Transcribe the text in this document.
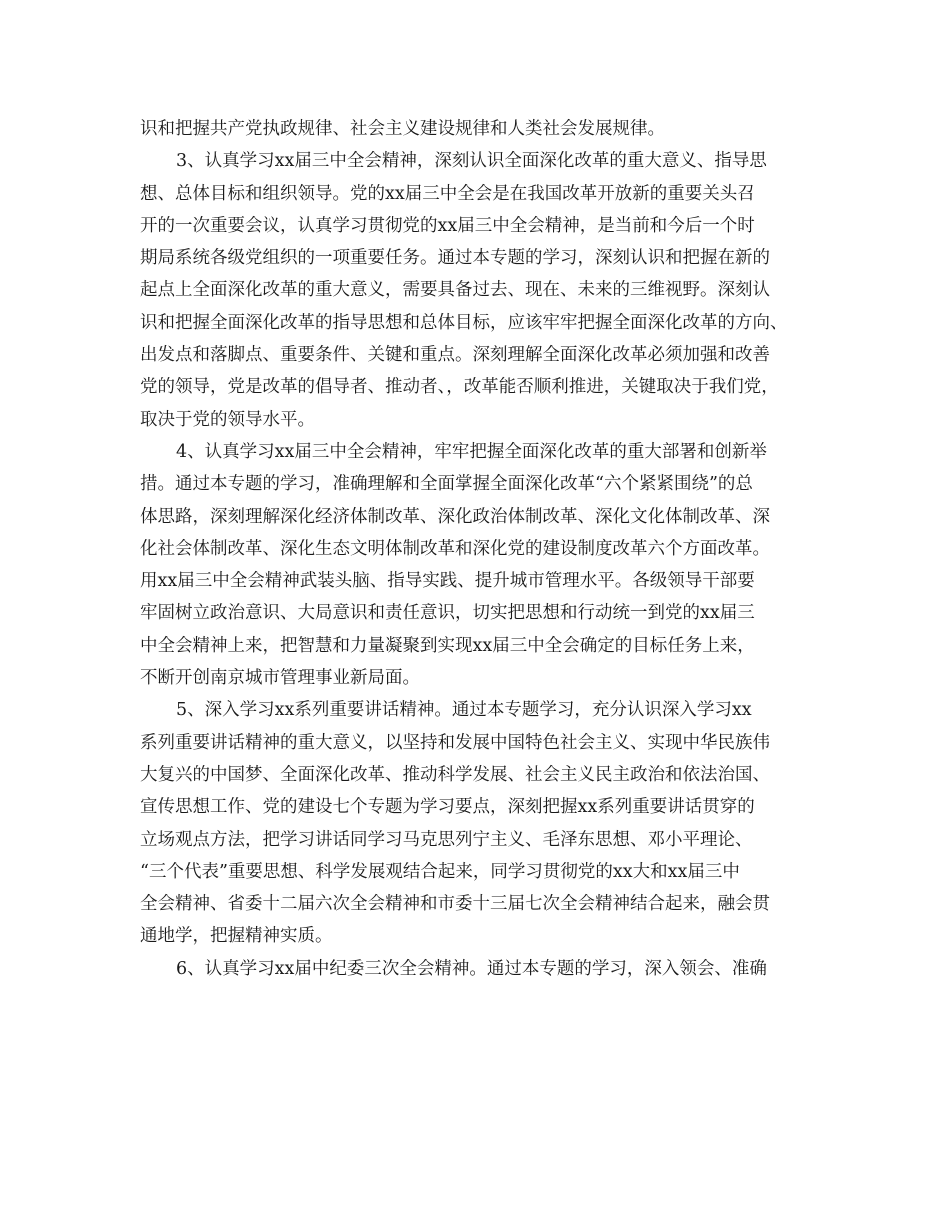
识和把握共产党执政规律、社会主义建设规律和人类社会发展规律。
3、认真学习xx届三中全会精神，深刻认识全面深化改革的重大意义、指导思
想、总体目标和组织领导。党的xx届三中全会是在我国改革开放新的重要关头召
开的一次重要会议，认真学习贯彻党的xx届三中全会精神，是当前和今后一个时
期局系统各级党组织的一项重要任务。通过本专题的学习，深刻认识和把握在新的
起点上全面深化改革的重大意义，需要具备过去、现在、未来的三维视野。深刻认
识和把握全面深化改革的指导思想和总体目标，应该牢牢把握全面深化改革的方向、
出发点和落脚点、重要条件、关键和重点。深刻理解全面深化改革必须加强和改善
党的领导，党是改革的倡导者、推动者、，改革能否顺利推进，关键取决于我们党，
取决于党的领导水平。
4、认真学习xx届三中全会精神，牢牢把握全面深化改革的重大部署和创新举
措。通过本专题的学习，准确理解和全面掌握全面深化改革“六个紧紧围绕”的总
体思路，深刻理解深化经济体制改革、深化政治体制改革、深化文化体制改革、深
化社会体制改革、深化生态文明体制改革和深化党的建设制度改革六个方面改革。
用xx届三中全会精神武装头脑、指导实践、提升城市管理水平。各级领导干部要
牢固树立政治意识、大局意识和责任意识，切实把思想和行动统一到党的xx届三
中全会精神上来，把智慧和力量凝聚到实现xx届三中全会确定的目标任务上来，
不断开创南京城市管理事业新局面。
5、深入学习xx系列重要讲话精神。通过本专题学习，充分认识深入学习xx
系列重要讲话精神的重大意义，以坚持和发展中国特色社会主义、实现中华民族伟
大复兴的中国梦、全面深化改革、推动科学发展、社会主义民主政治和依法治国、
宣传思想工作、党的建设七个专题为学习要点，深刻把握xx系列重要讲话贯穿的
立场观点方法，把学习讲话同学习马克思列宁主义、毛泽东思想、邓小平理论、
“三个代表”重要思想、科学发展观结合起来，同学习贯彻党的xx大和xx届三中
全会精神、省委十二届六次全会精神和市委十三届七次全会精神结合起来，融会贯
通地学，把握精神实质。
6、认真学习xx届中纪委三次全会精神。通过本专题的学习，深入领会、准确
